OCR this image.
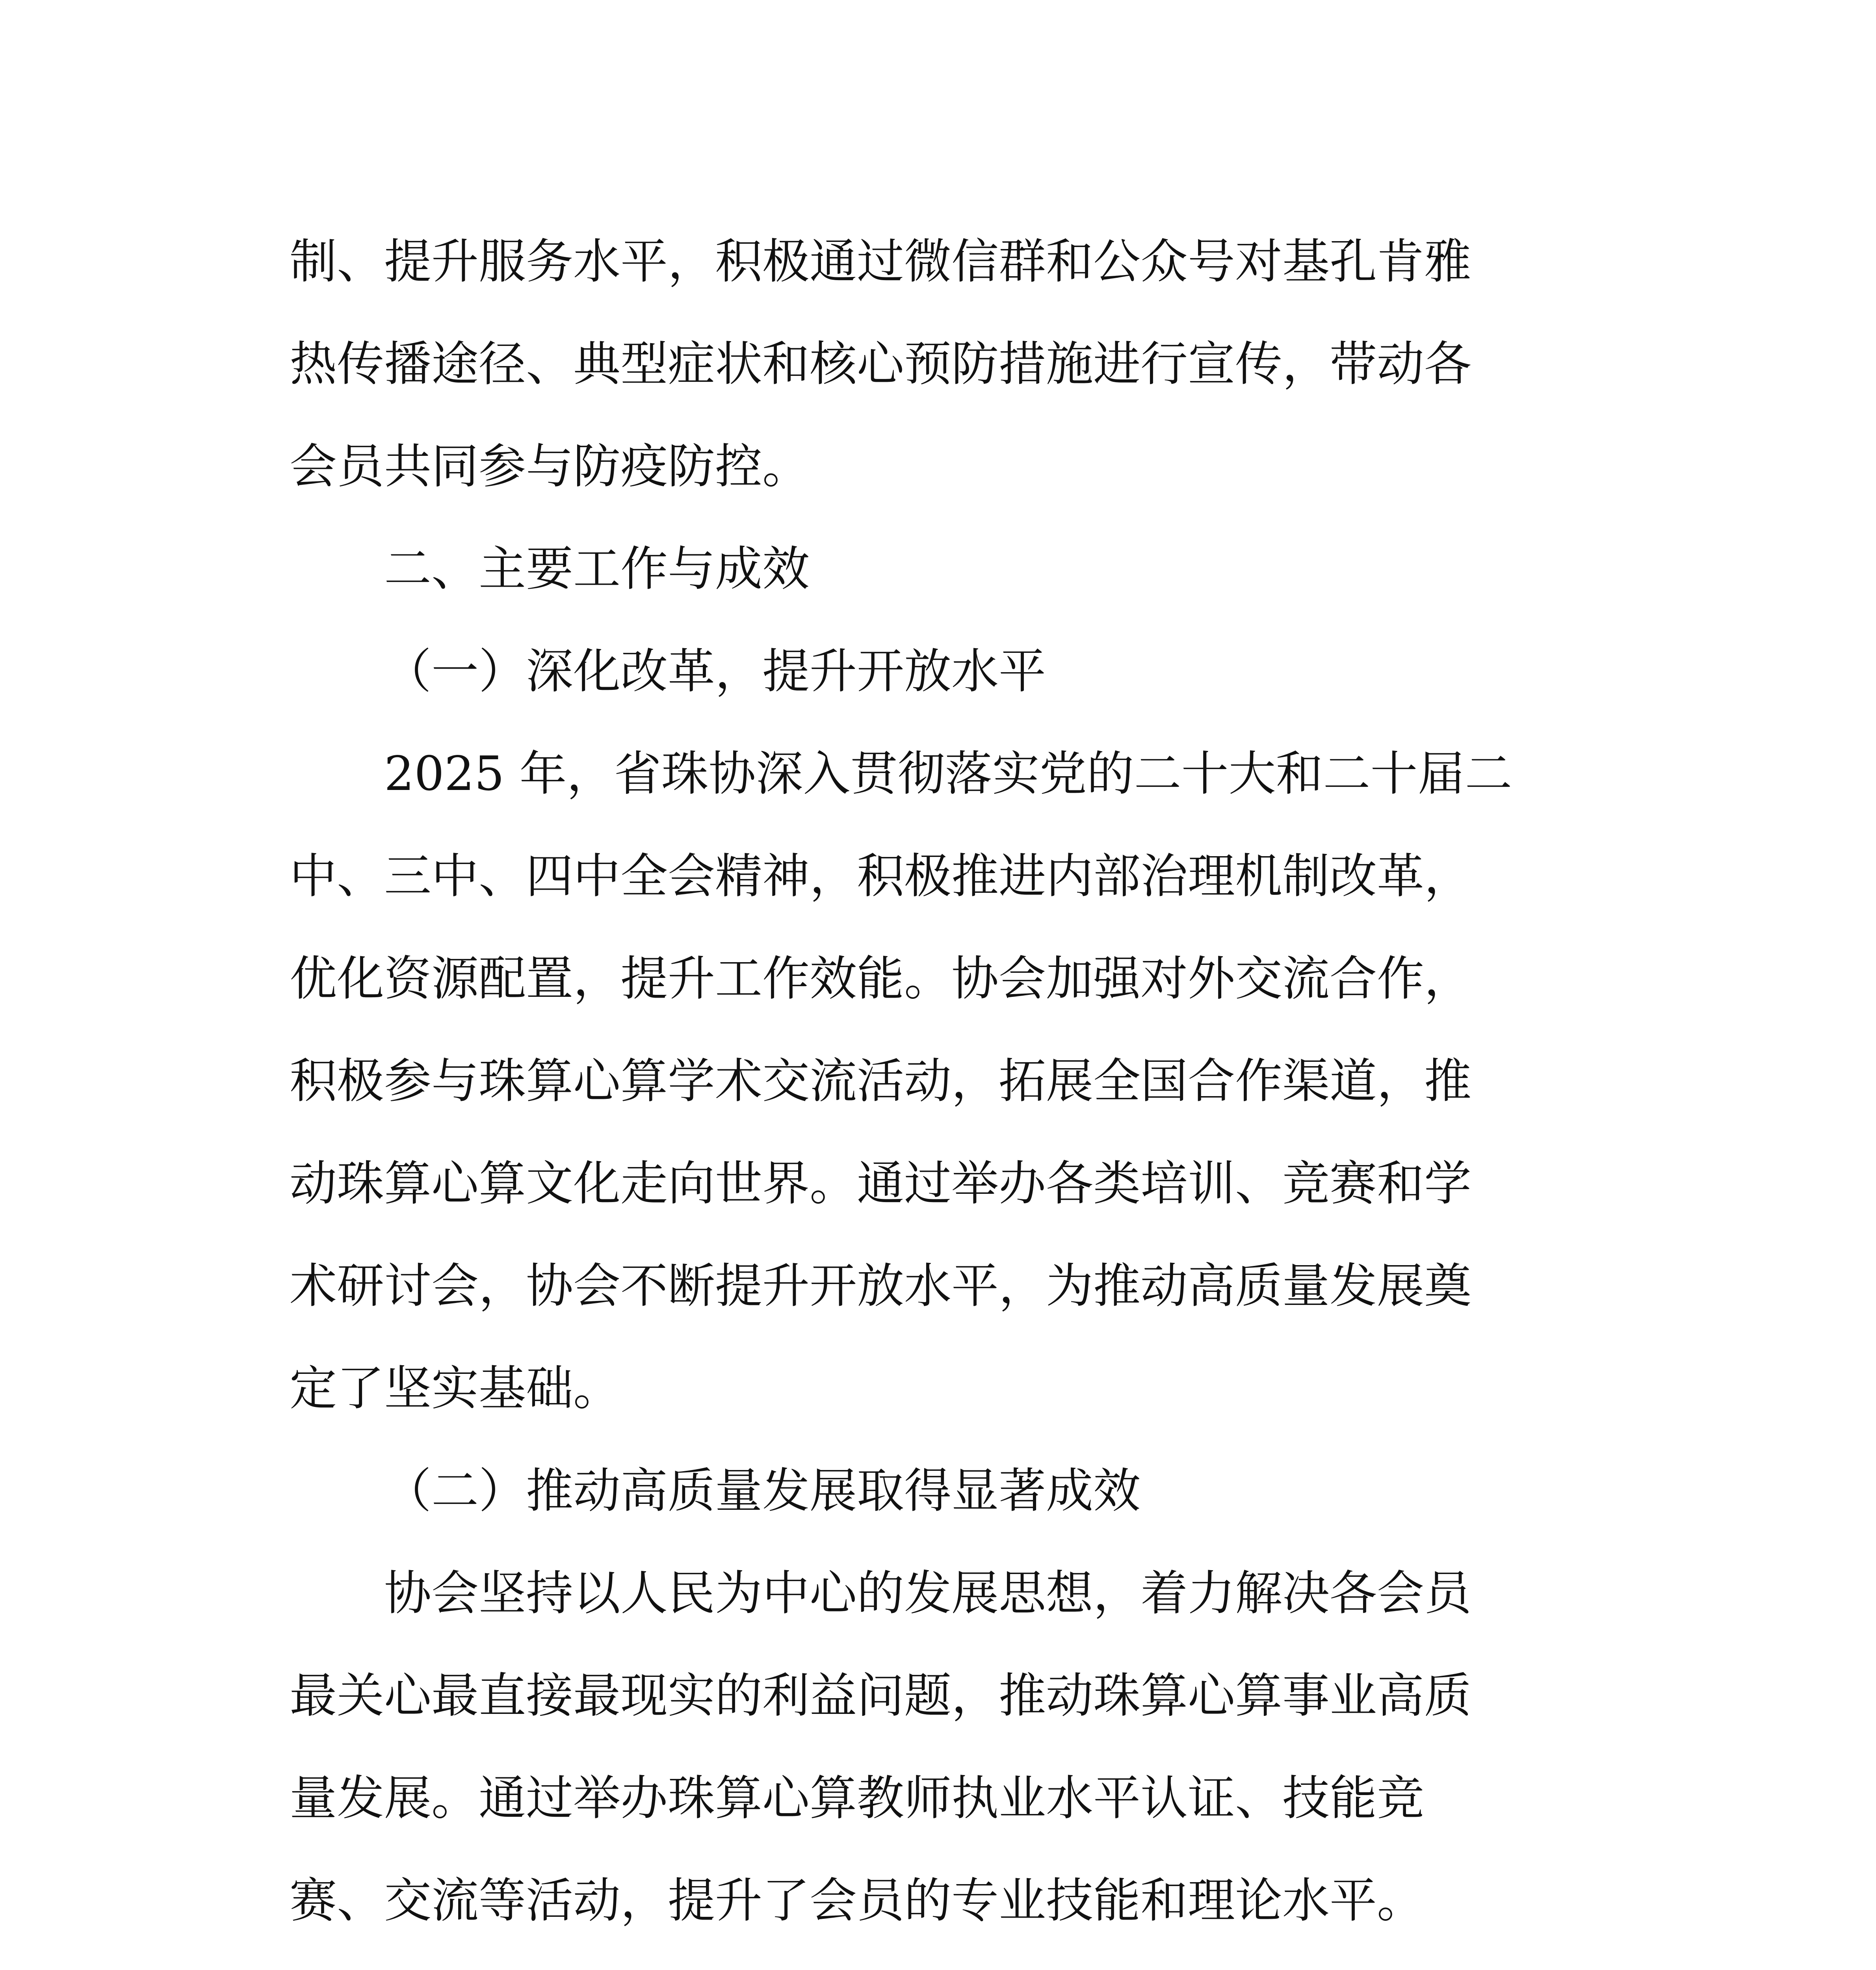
制、提升服务水平，积极通过微信群和公众号对基孔肯雅
热传播途径、典型症状和核心预防措施进行宣传，带动各
会员共同参与防疫防控。
二、主要工作与成效
（一）深化改革，提升开放水平
2025 年，省珠协深入贯彻落实党的二十大和二十届二
中、三中、四中全会精神，积极推进内部治理机制改革，
优化资源配置，提升工作效能。协会加强对外交流合作，
积极参与珠算心算学术交流活动，拓展全国合作渠道，推
动珠算心算文化走向世界。通过举办各类培训、竞赛和学
术研讨会，协会不断提升开放水平，为推动高质量发展奠
定了坚实基础。
（二）推动高质量发展取得显著成效
协会坚持以人民为中心的发展思想，着力解决各会员
最关心最直接最现实的利益问题，推动珠算心算事业高质
量发展。通过举办珠算心算教师执业水平认证、技能竞
赛、交流等活动，提升了会员的专业技能和理论水平。
